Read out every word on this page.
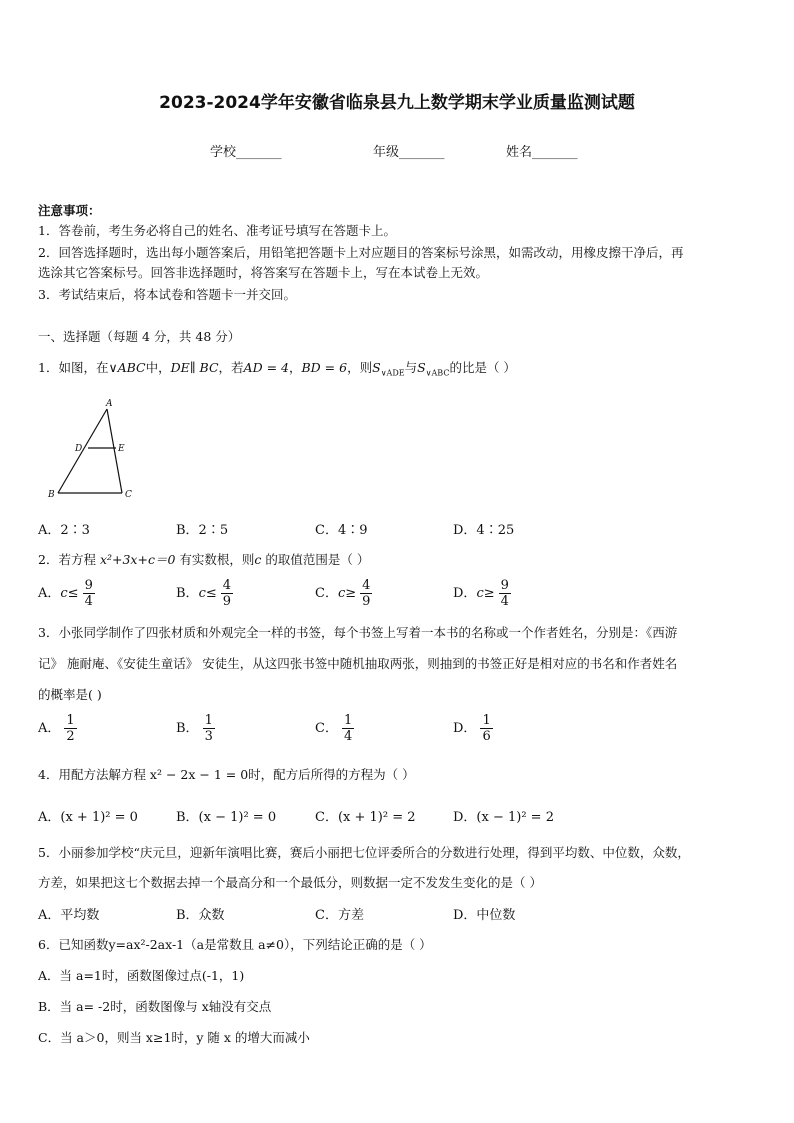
2023-2024学年安徽省临泉县九上数学期末学业质量监测试题
学校_______	年级_______	姓名_______
注意事项：
1．答卷前，考生务必将自己的姓名、准考证号填写在答题卡上。
2．回答选择题时，选出每小题答案后，用铅笔把答题卡上对应题目的答案标号涂黑，如需改动，用橡皮擦干净后，再
选涂其它答案标号。回答非选择题时，将答案写在答题卡上，写在本试卷上无效。
3．考试结束后，将本试卷和答题卡一并交回。
一、选择题（每题 4 分，共 48 分）
1．如图，在∨ABC中，DE∥ BC，若AD = 4，BD = 6，则$S_{\vee ADE}$与$S_{\vee ABC}$的比是（ ）
A
B	C
D	E
A．2∶3	B．2∶5	C．4∶9	D．4∶25
2．若方程 x²+3x+c＝0 有实数根，则c 的取值范围是（ ）
A．$c\le \frac{9}{4}$	B．$c\le \frac{4}{9}$	C．$c\ge \frac{4}{9}$	D．$c\ge \frac{9}{4}$
3．小张同学制作了四张材质和外观完全一样的书签，每个书签上写着一本书的名称或一个作者姓名，分别是：《西游
记》 施耐庵、《安徒生童话》 安徒生，从这四张书签中随机抽取两张，则抽到的书签正好是相对应的书名和作者姓名
的概率是( )
A． $\frac{1}{2}$	B． $\frac{1}{3}$	C． $\frac{1}{4}$	D． $\frac{1}{6}$
4．用配方法解方程 x² − 2x − 1 = 0时，配方后所得的方程为（ ）
A．(x + 1)² = 0	B．(x − 1)² = 0	C．(x + 1)² = 2	D．(x − 1)² = 2
5．小丽参加学校“庆元旦，迎新年演唱比赛，赛后小丽把七位评委所合的分数进行处理，得到平均数、中位数，众数，
方差，如果把这七个数据去掉一个最高分和一个最低分，则数据一定不发发生变化的是（ ）
A．平均数	B．众数	C．方差	D．中位数
6．已知函数y=ax²-2ax-1（a是常数且 a≠0），下列结论正确的是（ ）
A．当 a=1时，函数图像过点(-1，1)
B．当 a= -2时，函数图像与 x轴没有交点
C．当 a＞0，则当 x≥1时，y 随 x 的增大而减小
